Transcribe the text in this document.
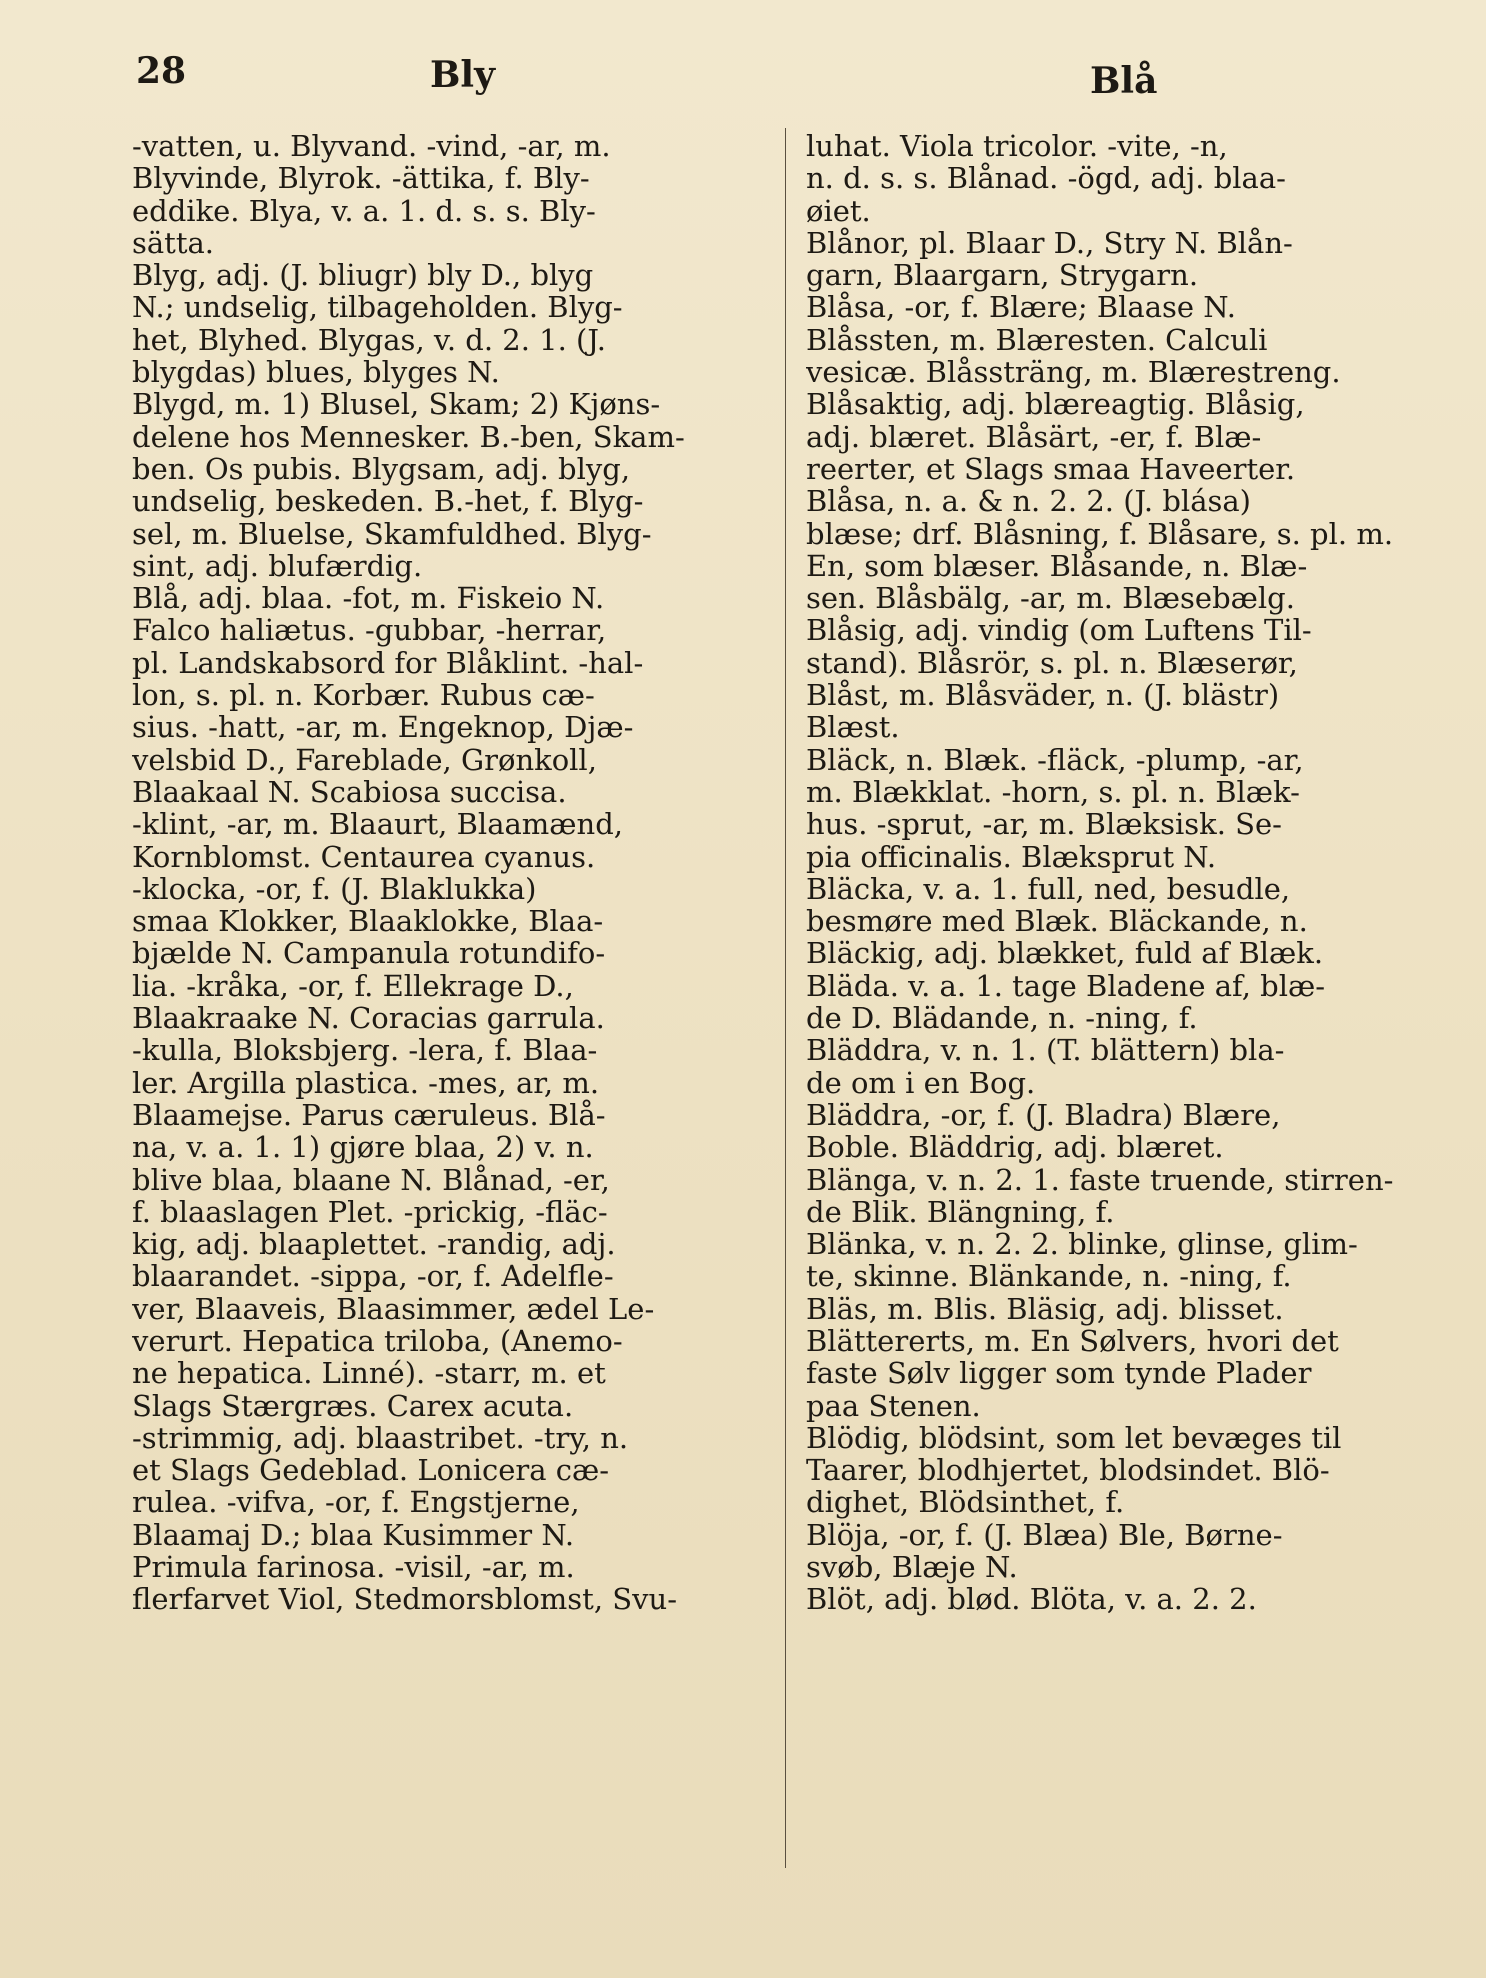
28	Bly	Blå
-vatten, u. Blyvand. -vind, -ar, m.
Blyvinde, Blyrok. -ättika, f. Bly-
eddike. Blya, v. a. 1. d. s. s. Bly-
sätta.
Blyg, adj. (J. bliugr) bly D., blyg
N.; undselig, tilbageholden. Blyg-
het, Blyhed. Blygas, v. d. 2. 1. (J.
blygdas) blues, blyges N.
Blygd, m. 1) Blusel, Skam; 2) Kjøns-
delene hos Mennesker. B.-ben, Skam-
ben. Os pubis. Blygsam, adj. blyg,
undselig, beskeden. B.-het, f. Blyg-
sel, m. Bluelse, Skamfuldhed. Blyg-
sint, adj. blufærdig.
Blå, adj. blaa. -fot, m. Fiskeio N.
Falco haliætus. -gubbar, -herrar,
pl. Landskabsord for Blåklint. -hal-
lon, s. pl. n. Korbær. Rubus cæ-
sius. -hatt, -ar, m. Engeknop, Djæ-
velsbid D., Fareblade, Grønkoll,
Blaakaal N. Scabiosa succisa.
-klint, -ar, m. Blaaurt, Blaamænd,
Kornblomst. Centaurea cyanus.
-klocka, -or, f. (J. Blaklukka)
smaa Klokker, Blaaklokke, Blaa-
bjælde N. Campanula rotundifo-
lia. -kråka, -or, f. Ellekrage D.,
Blaakraake N. Coracias garrula.
-kulla, Bloksbjerg. -lera, f. Blaa-
ler. Argilla plastica. -mes, ar, m.
Blaamejse. Parus cæruleus. Blå-
na, v. a. 1. 1) gjøre blaa, 2) v. n.
blive blaa, blaane N. Blånad, -er,
f. blaaslagen Plet. -prickig, -fläc-
kig, adj. blaaplettet. -randig, adj.
blaarandet. -sippa, -or, f. Adelfle-
ver, Blaaveis, Blaasimmer, ædel Le-
verurt. Hepatica triloba, (Anemo-
ne hepatica. Linné). -starr, m. et
Slags Stærgræs. Carex acuta.
-strimmig, adj. blaastribet. -try, n.
et Slags Gedeblad. Lonicera cæ-
rulea. -vifva, -or, f. Engstjerne,
Blaamaj D.; blaa Kusimmer N.
Primula farinosa. -visil, -ar, m.
flerfarvet Viol, Stedmorsblomst, Svu-
luhat. Viola tricolor. -vite, -n,
n. d. s. s. Blånad. -ögd, adj. blaa-
øiet.
Blånor, pl. Blaar D., Stry N. Blån-
garn, Blaargarn, Strygarn.
Blåsa, -or, f. Blære; Blaase N.
Blåssten, m. Blæresten. Calculi
vesicæ. Blåssträng, m. Blærestreng.
Blåsaktig, adj. blæreagtig. Blåsig,
adj. blæret. Blåsärt, -er, f. Blæ-
reerter, et Slags smaa Haveerter.
Blåsa, n. a. & n. 2. 2. (J. blása)
blæse; drf. Blåsning, f. Blåsare, s. pl. m.
En, som blæser. Blåsande, n. Blæ-
sen. Blåsbälg, -ar, m. Blæsebælg.
Blåsig, adj. vindig (om Luftens Til-
stand). Blåsrör, s. pl. n. Blæserør,
Blåst, m. Blåsväder, n. (J. blästr)
Blæst.
Bläck, n. Blæk. -fläck, -plump, -ar,
m. Blækklat. -horn, s. pl. n. Blæk-
hus. -sprut, -ar, m. Blæksisk. Se-
pia officinalis. Blæksprut N.
Bläcka, v. a. 1. full, ned, besudle,
besmøre med Blæk. Bläckande, n.
Bläckig, adj. blækket, fuld af Blæk.
Bläda. v. a. 1. tage Bladene af, blæ-
de D. Blädande, n. -ning, f.
Bläddra, v. n. 1. (T. blättern) bla-
de om i en Bog.
Bläddra, -or, f. (J. Bladra) Blære,
Boble. Bläddrig, adj. blæret.
Blänga, v. n. 2. 1. faste truende, stirren-
de Blik. Blängning, f.
Blänka, v. n. 2. 2. blinke, glinse, glim-
te, skinne. Blänkande, n. -ning, f.
Bläs, m. Blis. Bläsig, adj. blisset.
Blättererts, m. En Sølvers, hvori det
faste Sølv ligger som tynde Plader
paa Stenen.
Blödig, blödsint, som let bevæges til
Taarer, blodhjertet, blodsindet. Blö-
dighet, Blödsinthet, f.
Blöja, -or, f. (J. Blæa) Ble, Børne-
svøb, Blæje N.
Blöt, adj. blød. Blöta, v. a. 2. 2.
